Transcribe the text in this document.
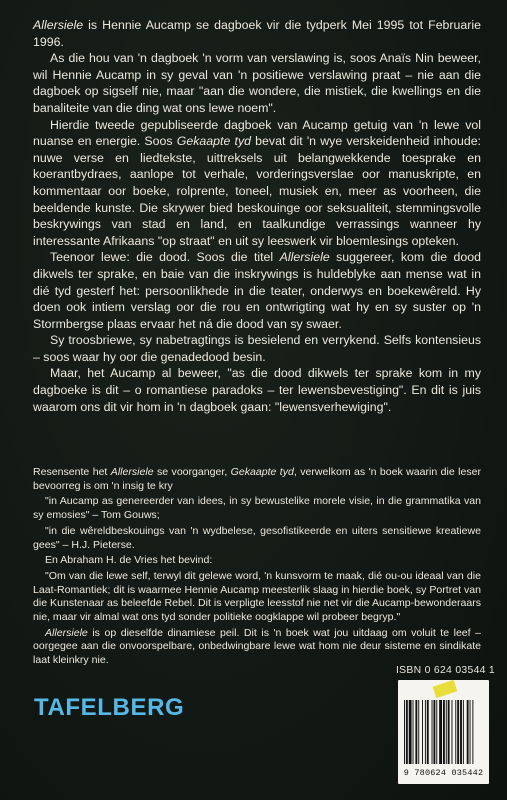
Allersiele is Hennie Aucamp se dagboek vir die tydperk Mei 1995 tot Februarie 1996.

As die hou van 'n dagboek 'n vorm van verslawing is, soos Anaïs Nin beweer, wil Hennie Aucamp in sy geval van 'n positiewe verslawing praat – nie aan die dagboek op sigself nie, maar "aan die wondere, die mistiek, die kwellings en die banaliteite van die ding wat ons lewe noem".

Hierdie tweede gepubliseerde dagboek van Aucamp getuig van 'n lewe vol nuanse en energie. Soos Gekaapte tyd bevat dit 'n wye verskeidenheid inhoude: nuwe verse en liedtekste, uittreksels uit belangwekkende toesprake en koerantbydraes, aanlope tot verhale, vorderingsverslae oor manuskripte, en kommentaar oor boeke, rolprente, toneel, musiek en, meer as voorheen, die beeldende kunste. Die skrywer bied beskouinge oor seksualiteit, stemmingsvolle beskrywings van stad en land, en taalkundige verrassings wanneer hy interessante Afrikaans "op straat" en uit sy leeswerk vir bloemlesings opteken.

Teenoor lewe: die dood. Soos die titel Allersiele suggereer, kom die dood dikwels ter sprake, en baie van die inskrywings is huldeblyke aan mense wat in dié tyd gesterf het: persoonlikhede in die teater, onderwys en boekewêreld. Hy doen ook intiem verslag oor die rou en ontwrigting wat hy en sy suster op 'n Stormbergse plaas ervaar het ná die dood van sy swaer.

Sy troosbriewe, sy nabetragtings is besielend en verrykend. Selfs kontensieus – soos waar hy oor die genadedood besin.

Maar, het Aucamp al beweer, "as die dood dikwels ter sprake kom in my dagboeke is dit – o romantiese paradoks – ter lewensbevestiging". En dit is juis waarom ons dit vir hom in 'n dagboek gaan: "lewensverhewiging".

Resensente het Allersiele se voorganger, Gekaapte tyd, verwelkom as 'n boek waarin die leser bevoorreg is om 'n insig te kry

"in Aucamp as genereerder van idees, in sy bewustelike morele visie, in die grammatika van sy emosies" – Tom Gouws;

"in die wêreldbeskouings van 'n wydbelese, gesofistikeerde en uiters sensitiewe kreatiewe gees" – H.J. Pieterse.

En Abraham H. de Vries het bevind:

"Om van die lewe self, terwyl dit gelewe word, 'n kunsvorm te maak, dié ou-ou ideaal van die Laat-Romantiek; dit is waarmee Hennie Aucamp meesterlik slaag in hierdie boek, sy Portret van die Kunstenaar as beleefde Rebel. Dit is verpligte leesstof nie net vir die Aucamp-bewonderaars nie, maar vir almal wat ons tyd sonder politieke oogklappe wil probeer begryp."

Allersiele is op dieselfde dinamiese peil. Dit is 'n boek wat jou uitdaag om voluit te leef – oorgegee aan die onvoorspelbare, onbedwingbare lewe wat hom nie deur sisteme en sindikate laat kleinkry nie.

ISBN 0 624 03544 1
TAFELBERG
9 780624 035442
